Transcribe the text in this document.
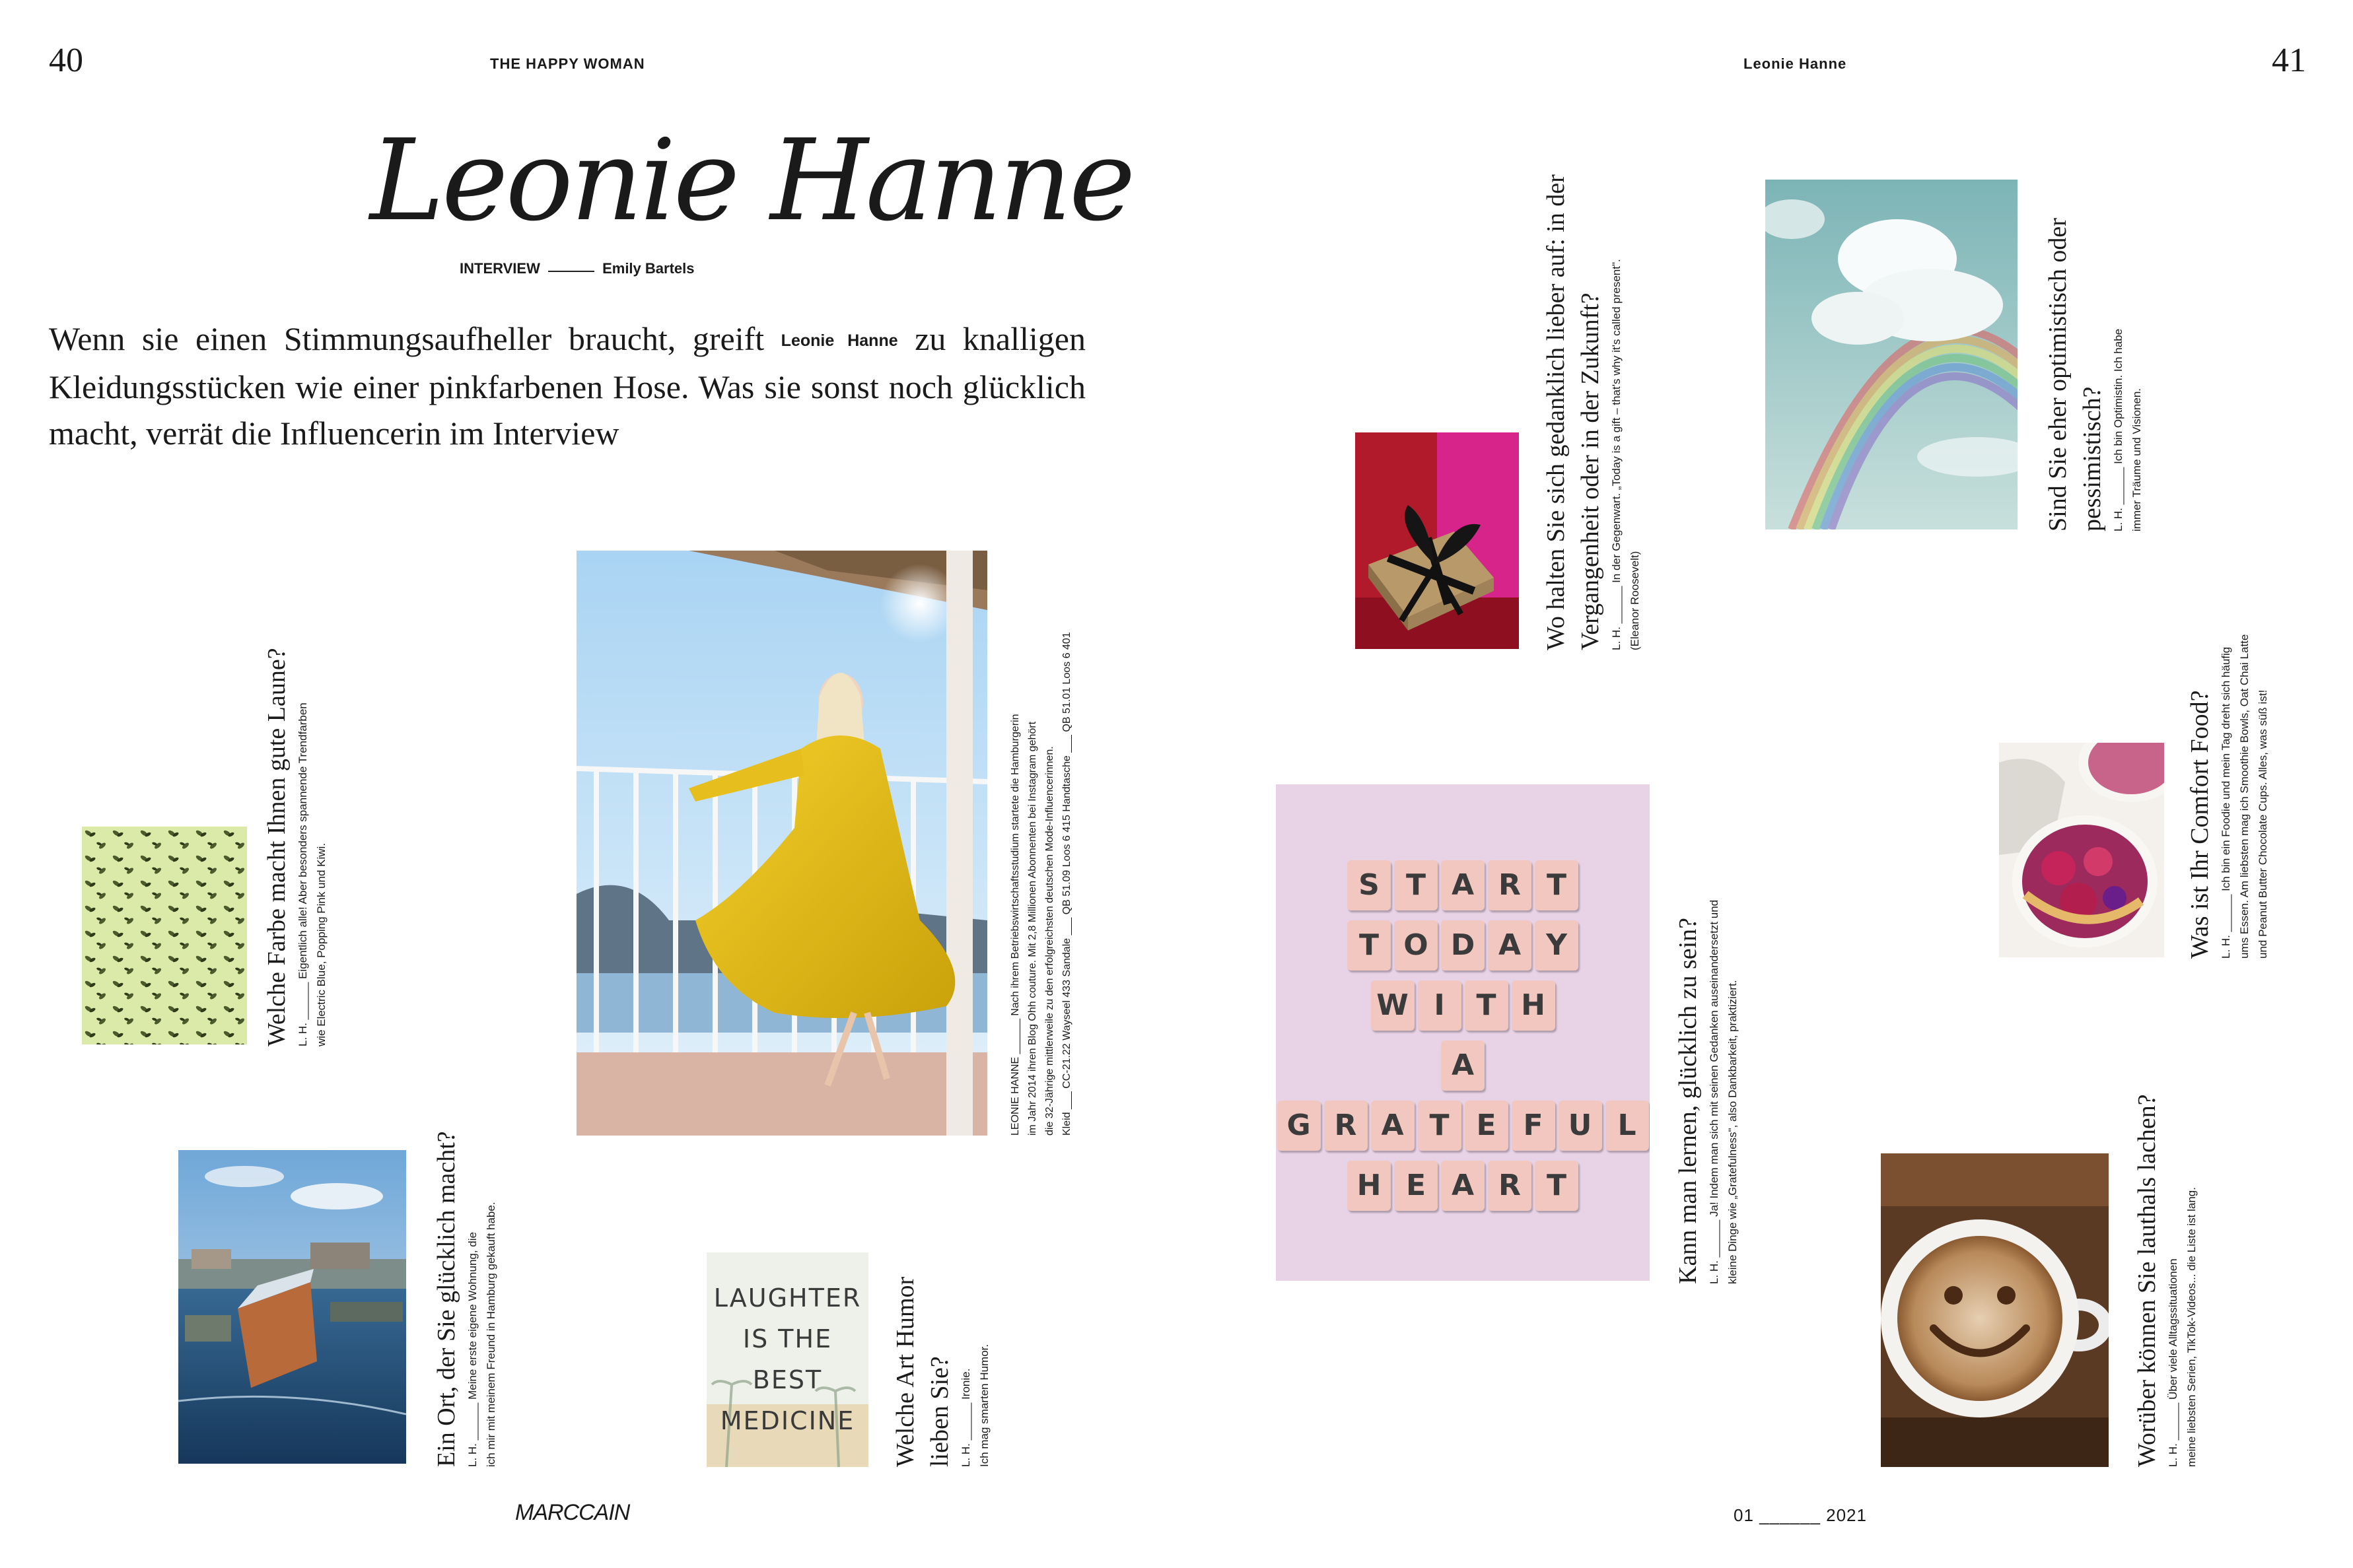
40	THE HAPPY WOMAN	Leonie Hanne	41
Leonie Hanne
INTERVIEW	Emily Bartels
Wenn sie einen Stimmungsaufheller braucht, greift Leonie Hanne zu knalligen Kleidungsstücken wie einer pinkfarbenen Hose. Was sie sonst noch glücklich macht, verrät die Influencerin im Interview
LAUGHTER
IS THE
BEST
MEDICINE
S T A R T
T O D A Y
W I	T H
A
G R A T E F U L
H E A R T
Welche Farbe macht Ihnen gute Laune? L. H. ______ Eigentlich alle! Aber besonders spannende Trendfarben wie Electric Blue, Popping Pink und Kiwi.
Ein Ort, der Sie glücklich macht? L. H. ______ Meine erste eigene Wohnung, die ich mir mit meinem Freund in Hamburg gekauft habe.
LEONIE HANNE ______ Nach ihrem Betriebswirtschaftsstudium startete die Hamburgerin im Jahr 2014 ihren Blog Ohh couture. Mit 2,8 Millionen Abonnenten bei Instagram gehört die 32-Jährige mittlerweile zu den erfolgreichsten deutschen Mode-Influencerinnen. Kleid ___ CC-21.22 Wayseel 433 Sandale ___ QB 51.09 Loos 6 415 Handtasche ___ QB 51.01 Loos 6 401
Welche Art Humor lieben Sie? L. H. ______ Ironie. Ich mag smarten Humor.
Wo halten Sie sich gedanklich lieber auf: in der Vergangenheit oder in der Zukunft? L. H. ______ In der Gegenwart. „Today is a gift – that's why it's called present". (Eleanor Roosevelt)
Kann man lernen, glücklich zu sein? L. H. ______ Ja! Indem man sich mit seinen Gedanken auseinandersetzt und kleine Dinge wie „Gratefulness", also Dankbarkeit, praktiziert.
Sind Sie eher optimistisch oder pessimistisch? L. H. ______ Ich bin Optimistin. Ich habe immer Träume und Visionen.
Was ist Ihr Comfort Food? L. H. ______ Ich bin ein Foodie und mein Tag dreht sich häufig ums Essen. Am liebsten mag ich Smoothie Bowls, Oat Chai Latte und Peanut Butter Chocolate Cups. Alles, was süß ist!
Worüber können Sie lauthals lachen? L. H. ______ Über viele Alltagssituationen meine liebsten Serien, TikTok-Videos... die Liste ist lang.
MARCCAIN	01 ______ 2021
